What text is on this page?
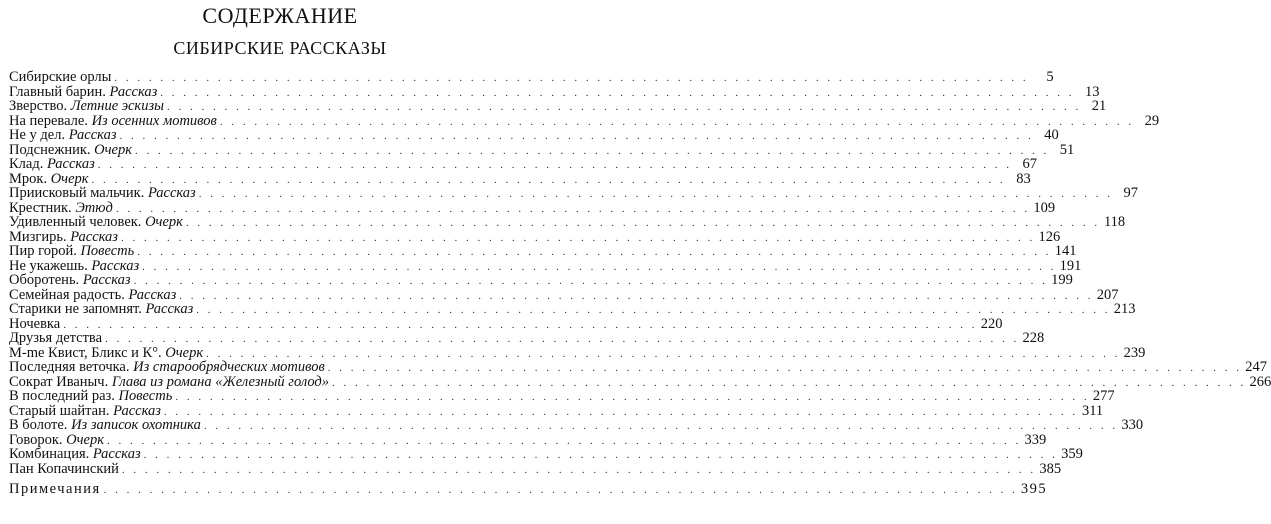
СОДЕРЖАНИЕ
СИБИРСКИЕ РАССКАЗЫ
Сибирские орлы . . . . . . . . . . . . . . . . . . . . . . . . . . . . . . . . . . . . . . . . . . . . . . . . . . . . . . . . . . . . . . . . . . . . . . . . . . . . . . . .	5
Главный барин. Рассказ . . . . . . . . . . . . . . . . . . . . . . . . . . . . . . . . . . . . . . . . . . . . . . . . . . . . . . . . . . . . . . . . . . . . . . . . . . . . . . . . 13
Зверство. Летние эскизы . . . . . . . . . . . . . . . . . . . . . . . . . . . . . . . . . . . . . . . . . . . . . . . . . . . . . . . . . . . . . . . . . . . . . . . . . . . . . . . . 21
На перевале. Из осенних мотивов . . . . . . . . . . . . . . . . . . . . . . . . . . . . . . . . . . . . . . . . . . . . . . . . . . . . . . . . . . . . . . . . . . . . . . . . . . . . . . . . 29
Не у дел. Рассказ . . . . . . . . . . . . . . . . . . . . . . . . . . . . . . . . . . . . . . . . . . . . . . . . . . . . . . . . . . . . . . . . . . . . . . . . . . . . . . . . 40
Подснежник. Очерк . . . . . . . . . . . . . . . . . . . . . . . . . . . . . . . . . . . . . . . . . . . . . . . . . . . . . . . . . . . . . . . . . . . . . . . . . . . . . . . . 51
Клад. Рассказ . . . . . . . . . . . . . . . . . . . . . . . . . . . . . . . . . . . . . . . . . . . . . . . . . . . . . . . . . . . . . . . . . . . . . . . . . . . . . . . . 67
Мрок. Очерк . . . . . . . . . . . . . . . . . . . . . . . . . . . . . . . . . . . . . . . . . . . . . . . . . . . . . . . . . . . . . . . . . . . . . . . . . . . . . . . . 83
Приисковый мальчик. Рассказ . . . . . . . . . . . . . . . . . . . . . . . . . . . . . . . . . . . . . . . . . . . . . . . . . . . . . . . . . . . . . . . . . . . . . . . . . . . . . . . . 97
Крестник. Этюд . . . . . . . . . . . . . . . . . . . . . . . . . . . . . . . . . . . . . . . . . . . . . . . . . . . . . . . . . . . . . . . . . . . . . . . . . . . . . . . . 109
Удивленный человек. Очерк . . . . . . . . . . . . . . . . . . . . . . . . . . . . . . . . . . . . . . . . . . . . . . . . . . . . . . . . . . . . . . . . . . . . . . . . . . . . . . . . 118
Мизгирь. Рассказ . . . . . . . . . . . . . . . . . . . . . . . . . . . . . . . . . . . . . . . . . . . . . . . . . . . . . . . . . . . . . . . . . . . . . . . . . . . . . . . . 126
Пир горой. Повесть . . . . . . . . . . . . . . . . . . . . . . . . . . . . . . . . . . . . . . . . . . . . . . . . . . . . . . . . . . . . . . . . . . . . . . . . . . . . . . . . 141
Не укажешь. Рассказ . . . . . . . . . . . . . . . . . . . . . . . . . . . . . . . . . . . . . . . . . . . . . . . . . . . . . . . . . . . . . . . . . . . . . . . . . . . . . . . . 191
Оборотень. Рассказ . . . . . . . . . . . . . . . . . . . . . . . . . . . . . . . . . . . . . . . . . . . . . . . . . . . . . . . . . . . . . . . . . . . . . . . . . . . . . . . . 199
Семейная радость. Рассказ . . . . . . . . . . . . . . . . . . . . . . . . . . . . . . . . . . . . . . . . . . . . . . . . . . . . . . . . . . . . . . . . . . . . . . . . . . . . . . . . 207
Старики не запомнят. Рассказ . . . . . . . . . . . . . . . . . . . . . . . . . . . . . . . . . . . . . . . . . . . . . . . . . . . . . . . . . . . . . . . . . . . . . . . . . . . . . . . . 213
Ночевка . . . . . . . . . . . . . . . . . . . . . . . . . . . . . . . . . . . . . . . . . . . . . . . . . . . . . . . . . . . . . . . . . . . . . . . . . . . . . . . . 220
Друзья детства . . . . . . . . . . . . . . . . . . . . . . . . . . . . . . . . . . . . . . . . . . . . . . . . . . . . . . . . . . . . . . . . . . . . . . . . . . . . . . . . 228
М-me Квист, Бликс и К°. Очерк . . . . . . . . . . . . . . . . . . . . . . . . . . . . . . . . . . . . . . . . . . . . . . . . . . . . . . . . . . . . . . . . . . . . . . . . . . . . . . . . 239
Последняя веточка. Из старообрядческих мотивов . . . . . . . . . . . . . . . . . . . . . . . . . . . . . . . . . . . . . . . . . . . . . . . . . . . . . . . . . . . . . . . . . . . . . . . . . . . . . . . . 247
Сократ Иваныч. Глава из романа «Железный голод» . . . . . . . . . . . . . . . . . . . . . . . . . . . . . . . . . . . . . . . . . . . . . . . . . . . . . . . . . . . . . . . . . . . . . . . . . . . . . . . . 266
В последний раз. Повесть . . . . . . . . . . . . . . . . . . . . . . . . . . . . . . . . . . . . . . . . . . . . . . . . . . . . . . . . . . . . . . . . . . . . . . . . . . . . . . . . 277
Старый шайтан. Рассказ . . . . . . . . . . . . . . . . . . . . . . . . . . . . . . . . . . . . . . . . . . . . . . . . . . . . . . . . . . . . . . . . . . . . . . . . . . . . . . . . 311
В болоте. Из записок охотника . . . . . . . . . . . . . . . . . . . . . . . . . . . . . . . . . . . . . . . . . . . . . . . . . . . . . . . . . . . . . . . . . . . . . . . . . . . . . . . . 330
Говорок. Очерк . . . . . . . . . . . . . . . . . . . . . . . . . . . . . . . . . . . . . . . . . . . . . . . . . . . . . . . . . . . . . . . . . . . . . . . . . . . . . . . . 339
Комбинация. Рассказ . . . . . . . . . . . . . . . . . . . . . . . . . . . . . . . . . . . . . . . . . . . . . . . . . . . . . . . . . . . . . . . . . . . . . . . . . . . . . . . . 359
Пан Копачинский . . . . . . . . . . . . . . . . . . . . . . . . . . . . . . . . . . . . . . . . . . . . . . . . . . . . . . . . . . . . . . . . . . . . . . . . . . . . . . . . 385
Примечания . . . . . . . . . . . . . . . . . . . . . . . . . . . . . . . . . . . . . . . . . . . . . . . . . . . . . . . . . . . . . . . . . . . . . . . . . . . . . . . . 395
